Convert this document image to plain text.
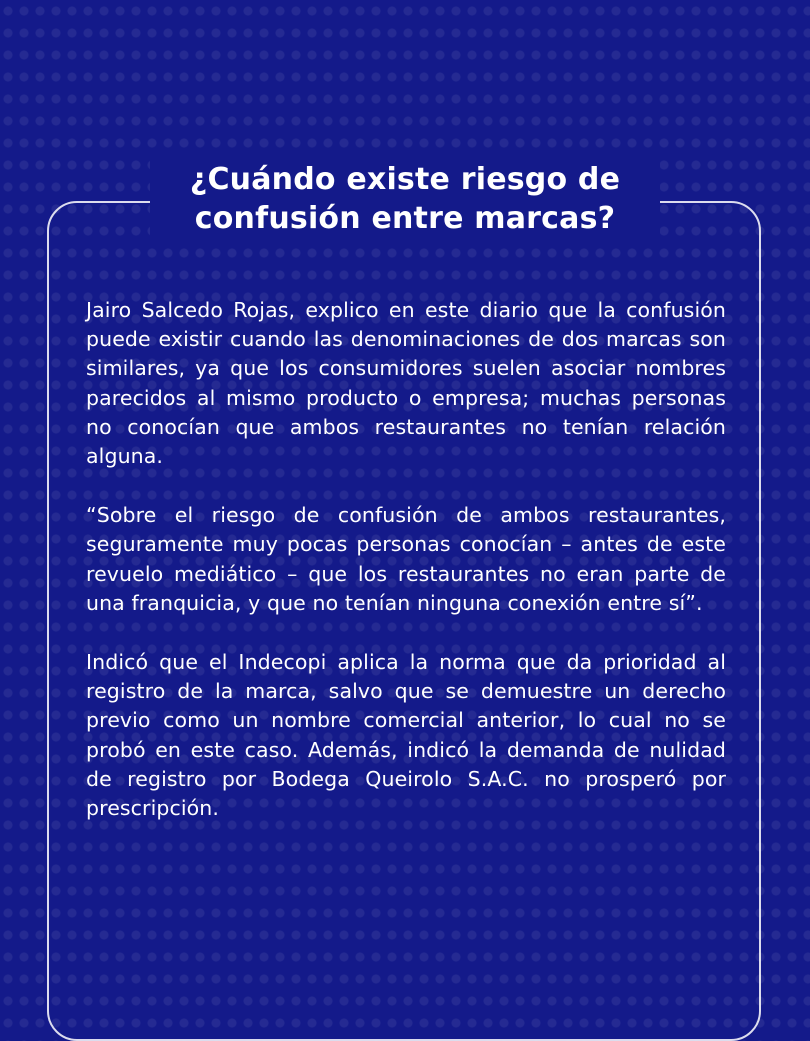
¿Cuándo existe riesgo de confusión entre marcas?

Jairo Salcedo Rojas, explico en este diario que la confusión puede existir cuando las denominaciones de dos marcas son similares, ya que los consumidores suelen asociar nombres parecidos al mismo producto o empresa; muchas personas no conocían que ambos restaurantes no tenían relación alguna.

“Sobre el riesgo de confusión de ambos restaurantes, seguramente muy pocas personas conocían – antes de este revuelo mediático – que los restaurantes no eran parte de una franquicia, y que no tenían ninguna conexión entre sí”.

Indicó que el Indecopi aplica la norma que da prioridad al registro de la marca, salvo que se demuestre un derecho previo como un nombre comercial anterior, lo cual no se probó en este caso. Además, indicó la demanda de nulidad de registro por Bodega Queirolo S.A.C. no prosperó por prescripción.
